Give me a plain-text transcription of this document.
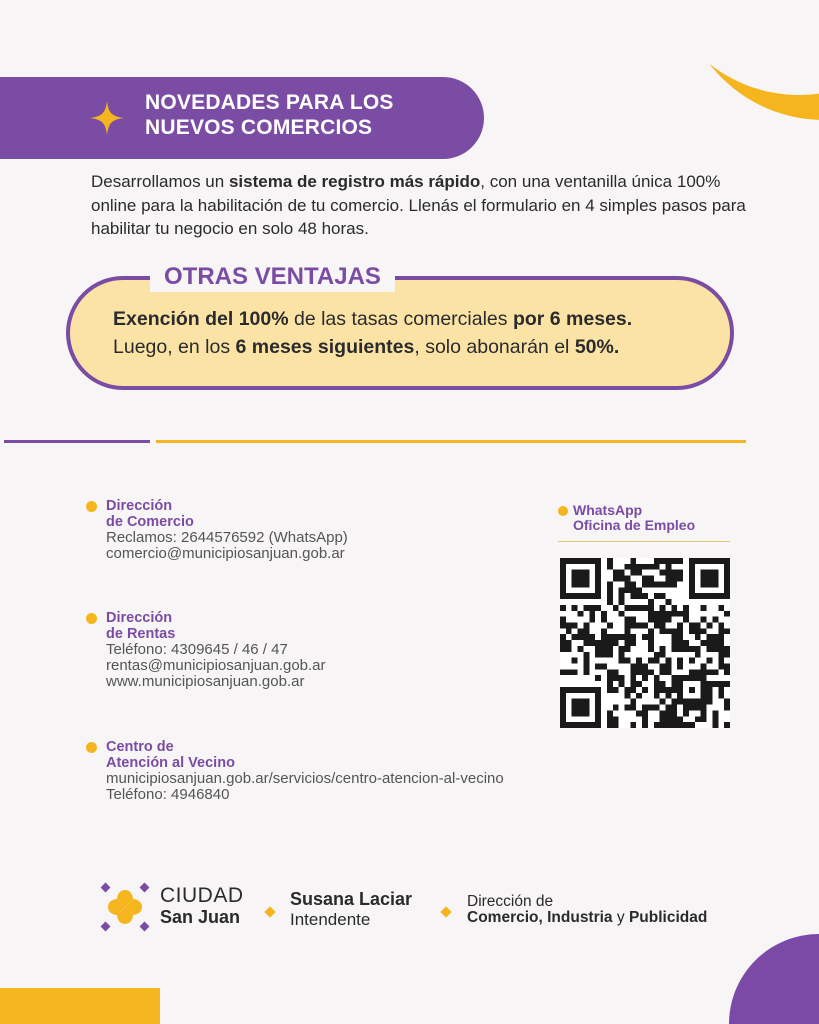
NOVEDADES PARA LOS
NUEVOS COMERCIOS

Desarrollamos un sistema de registro más rápido, con una ventanilla única 100% online para la habilitación de tu comercio. Llenás el formulario en 4 simples pasos para habilitar tu negocio en solo 48 horas.

OTRAS VENTAJAS
Exención del 100% de las tasas comerciales por 6 meses.
Luego, en los 6 meses siguientes, solo abonarán el 50%.
Dirección
de Comercio
Reclamos: 2644576592 (WhatsApp)
comercio@municipiosanjuan.gob.ar
Dirección
de Rentas
Teléfono: 4309645 / 46 / 47
rentas@municipiosanjuan.gob.ar
www.municipiosanjuan.gob.ar
Centro de
Atención al Vecino
municipiosanjuan.gob.ar/servicios/centro-atencion-al-vecino
Teléfono: 4946840
WhatsApp
Oficina de Empleo
CIUDAD
San Juan
Susana Laciar
Intendente
Dirección de
Comercio, Industria y Publicidad
